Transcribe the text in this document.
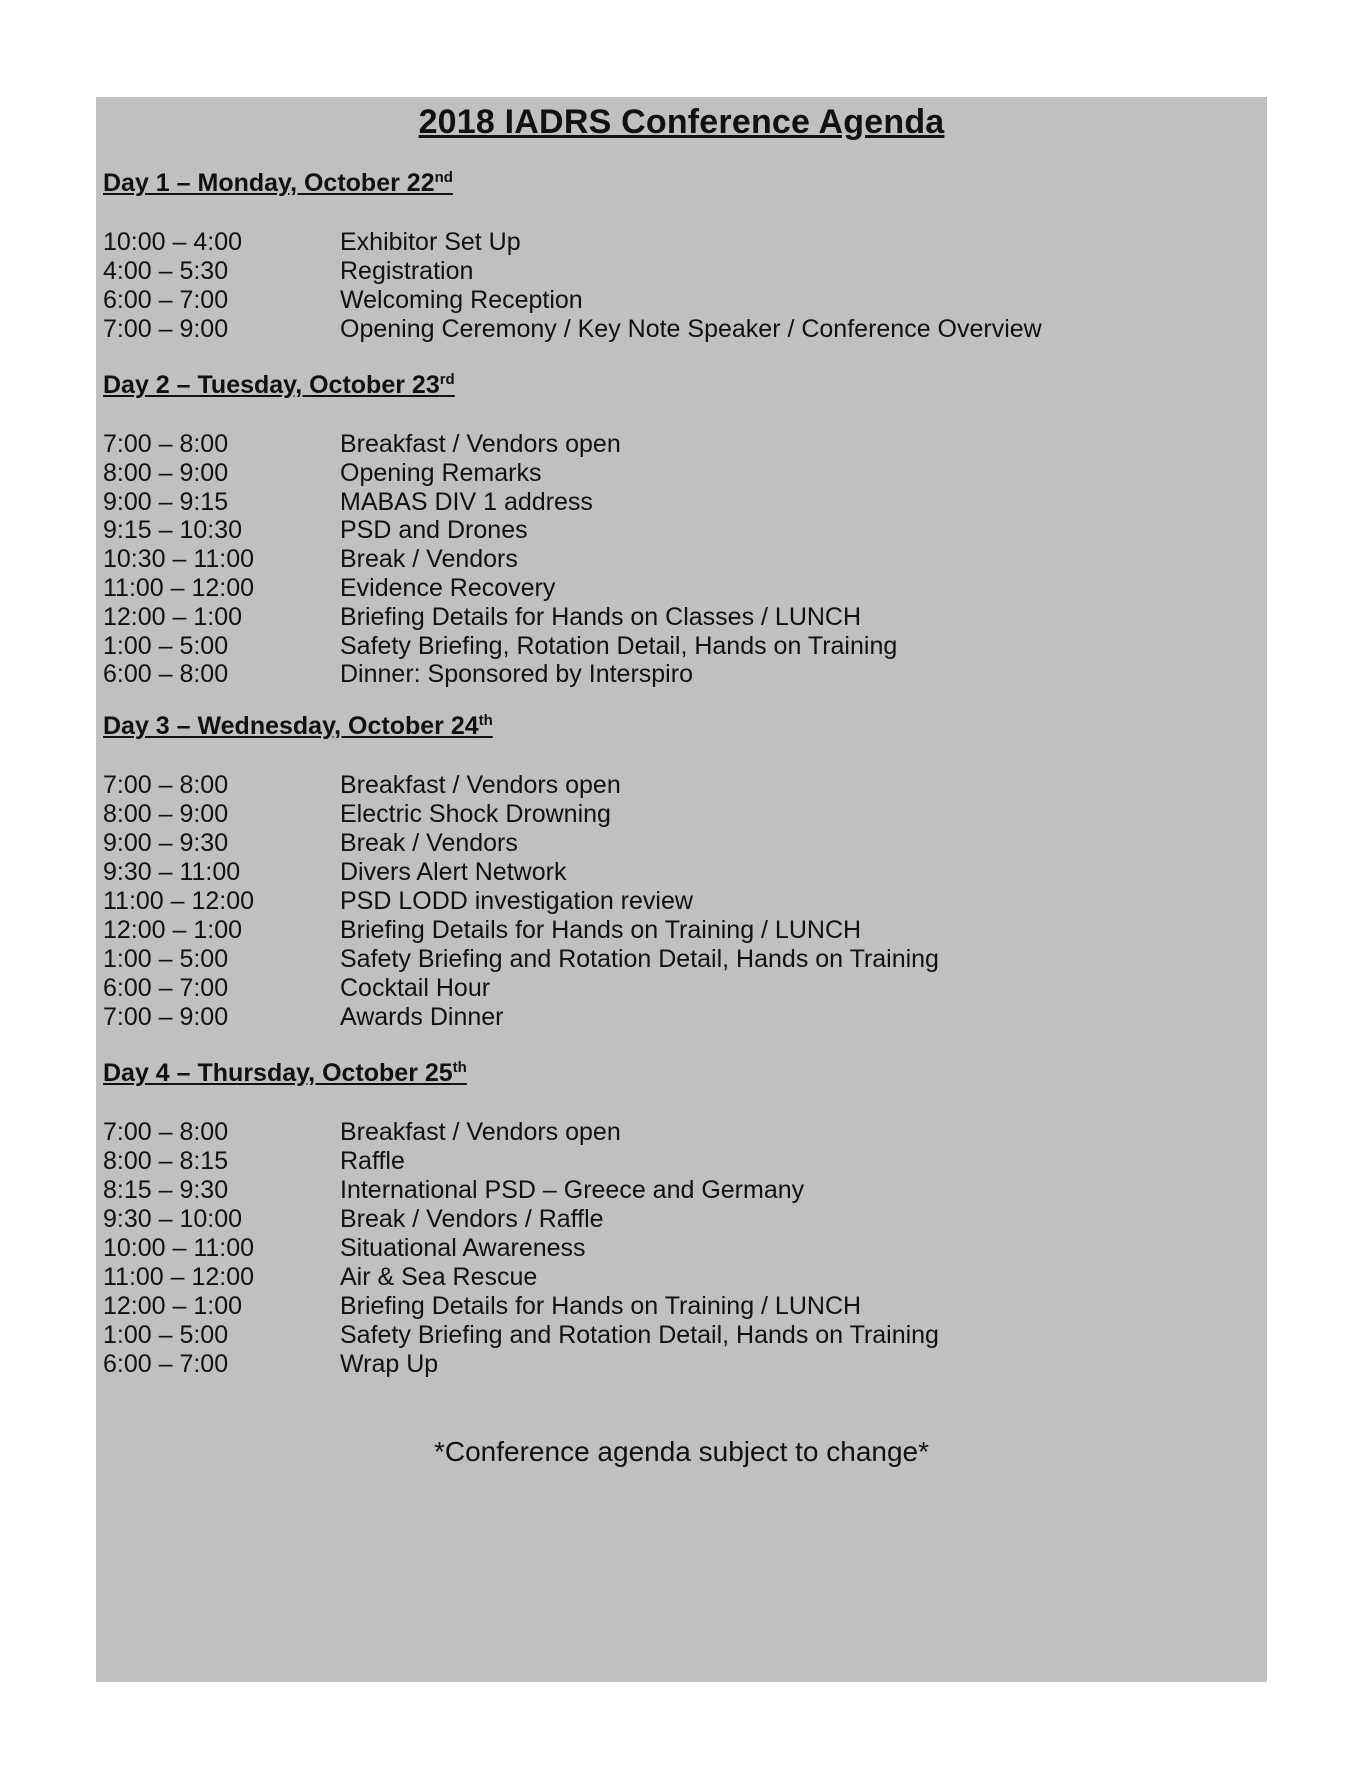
2018 IADRS Conference Agenda
Day 1 – Monday, October 22nd
10:00 – 4:00	Exhibitor Set Up
4:00 – 5:30	Registration
6:00 – 7:00	Welcoming Reception
7:00 – 9:00	Opening Ceremony / Key Note Speaker / Conference Overview
Day 2 – Tuesday, October 23rd
7:00 – 8:00	Breakfast / Vendors open
8:00 – 9:00	Opening Remarks
9:00 – 9:15	MABAS DIV 1 address
9:15 – 10:30	PSD and Drones
10:30 – 11:00	Break / Vendors
11:00 – 12:00	Evidence Recovery
12:00 – 1:00	Briefing Details for Hands on Classes / LUNCH
1:00 – 5:00	Safety Briefing, Rotation Detail, Hands on Training
6:00 – 8:00	Dinner: Sponsored by Interspiro
Day 3 – Wednesday, October 24th
7:00 – 8:00	Breakfast / Vendors open
8:00 – 9:00	Electric Shock Drowning
9:00 – 9:30	Break / Vendors
9:30 – 11:00	Divers Alert Network
11:00 – 12:00	PSD LODD investigation review
12:00 – 1:00	Briefing Details for Hands on Training / LUNCH
1:00 – 5:00	Safety Briefing and Rotation Detail, Hands on Training
6:00 – 7:00	Cocktail Hour
7:00 – 9:00	Awards Dinner
Day 4 – Thursday, October 25th
7:00 – 8:00	Breakfast / Vendors open
8:00 – 8:15	Raffle
8:15 – 9:30	International PSD – Greece and Germany
9:30 – 10:00	Break / Vendors / Raffle
10:00 – 11:00	Situational Awareness
11:00 – 12:00	Air & Sea Rescue
12:00 – 1:00	Briefing Details for Hands on Training / LUNCH
1:00 – 5:00	Safety Briefing and Rotation Detail, Hands on Training
6:00 – 7:00	Wrap Up
*Conference agenda subject to change*
